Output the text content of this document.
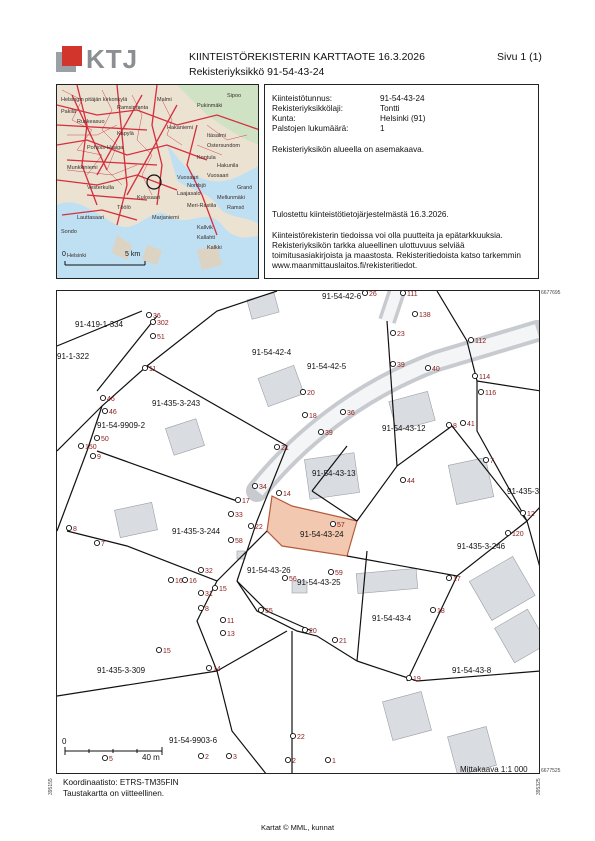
KTJ	KIINTEISTÖREKISTERIN KARTTAOTE 16.3.2026	Sivu 1 (1)
Rekisteriyksikkö 91-54-43-24
0	5 km
Helsingin pitäjän kirkonkylä
Pakila
Malmi
Pukinmäki
Ruskeasuo
Käpylä
Hakaniemi
Itäsalmi
Östersundom
Kontula
Hakunila
Vuosaari
Laajasalo
Munkkiniemi
Kulosaari
Meri-Rastila
Pohjois-Haaga
Lauttasaari
Kallahti
Granö
Ramsö
Kalkki
Helsinki
Sipoo
Vesterkulla
Töölö
Vuosaari
Nordsjö
Mellunmäki
Marjaniemi
Kallvik
Sondo
Ramsinranta
Kiinteistötunnus:	91-54-43-24
Rekisteriyksikkölaji:	Tontti
Kunta:	Helsinki (91)
Palstojen lukumäärä:	1
Rekisteriyksikön alueella on asemakaava.
Tulostettu kiinteistötietojärjestelmästä 16.3.2026.
Kiinteistörekisterin tiedoissa voi olla puutteita ja epätarkkuuksia.
Rekisteriyksikön tarkka alueellinen ulottuvuus selviää
toimitusasiakirjoista ja maastosta. Rekisteritiedoista katso tarkemmin
www.maanmittauslaitos.fi/rekisteritiedot.
91-54-42-6
91-419-1-334
91-54-42-4
91-54-42-5
91-435-3-243
91-54-43-12
91-54-9909-2
91-54-43-13
91-435-3-244
91-435-3-246
91-54-43-26
91-54-43-25
91-54-43-4
91-435-3-309	91-54-43-8
91-54-9903-6
91-435-3
91-1-322
91-54-43-24
26	111
138
23
36
302
51
11
39
40
112
114
116
20
18	36
39
41
46
46
50
150
9
21
8
7
44
34
14
17
33
22
58
57
16
12
120
8
7
32
16
31
8
15
11
13
55
59
56
18
17
20
21
15
14
19
22
5	2	3
2	1
0
40 m
Mittakaava 1:1 000
6677695
6677525
395155	395325
Koordinaatisto: ETRS-TM35FIN
Taustakartta on viitteellinen.
Kartat © MML, kunnat
